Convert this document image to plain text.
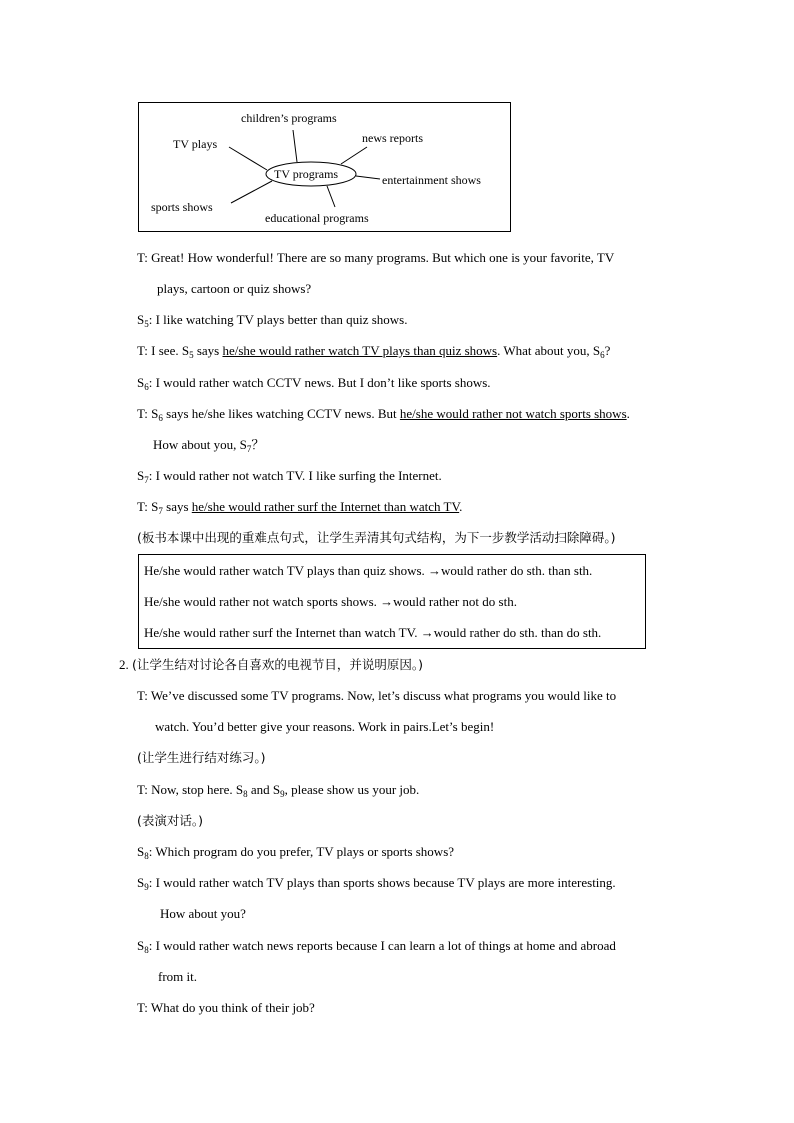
children’s programs
TV plays	news reports
TV programs	entertainment shows
sports shows
educational programs
T: Great! How wonderful! There are so many programs. But which one is your favorite, TV
plays, cartoon or quiz shows?
$S_5$: I like watching TV plays better than quiz shows.
T: I see. $S_5$ says he/she would rather watch TV plays than quiz shows. What about you, $S_6$?
$S_6$: I would rather watch CCTV news. But I don’t like sports shows.
T: $S_6$ says he/she likes watching CCTV news. But he/she would rather not watch sports shows.
How about you, $S_7$？
$S_7$: I would rather not watch TV. I like surfing the Internet.
T: $S_7$ says he/she would rather surf the Internet than watch TV.
(板书本课中出现的重难点句式，让学生弄清其句式结构，为下一步教学活动扫除障碍。)
He/she would rather watch TV plays than quiz shows. →would rather do sth. than sth.
He/she would rather not watch sports shows. →would rather not do sth.
He/she would rather surf the Internet than watch TV. →would rather do sth. than do sth.
2. (让学生结对讨论各自喜欢的电视节目，并说明原因。)
T: We’ve discussed some TV programs. Now, let’s discuss what programs you would like to
watch. You’d better give your reasons. Work in pairs.Let’s begin!
(让学生进行结对练习。)
T: Now, stop here. $S_8$ and $S_9$, please show us your job.
(表演对话。)
$S_8$: Which program do you prefer, TV plays or sports shows?
$S_9$: I would rather watch TV plays than sports shows because TV plays are more interesting.
How about you?
$S_8$: I would rather watch news reports because I can learn a lot of things at home and abroad
from it.
T: What do you think of their job?
